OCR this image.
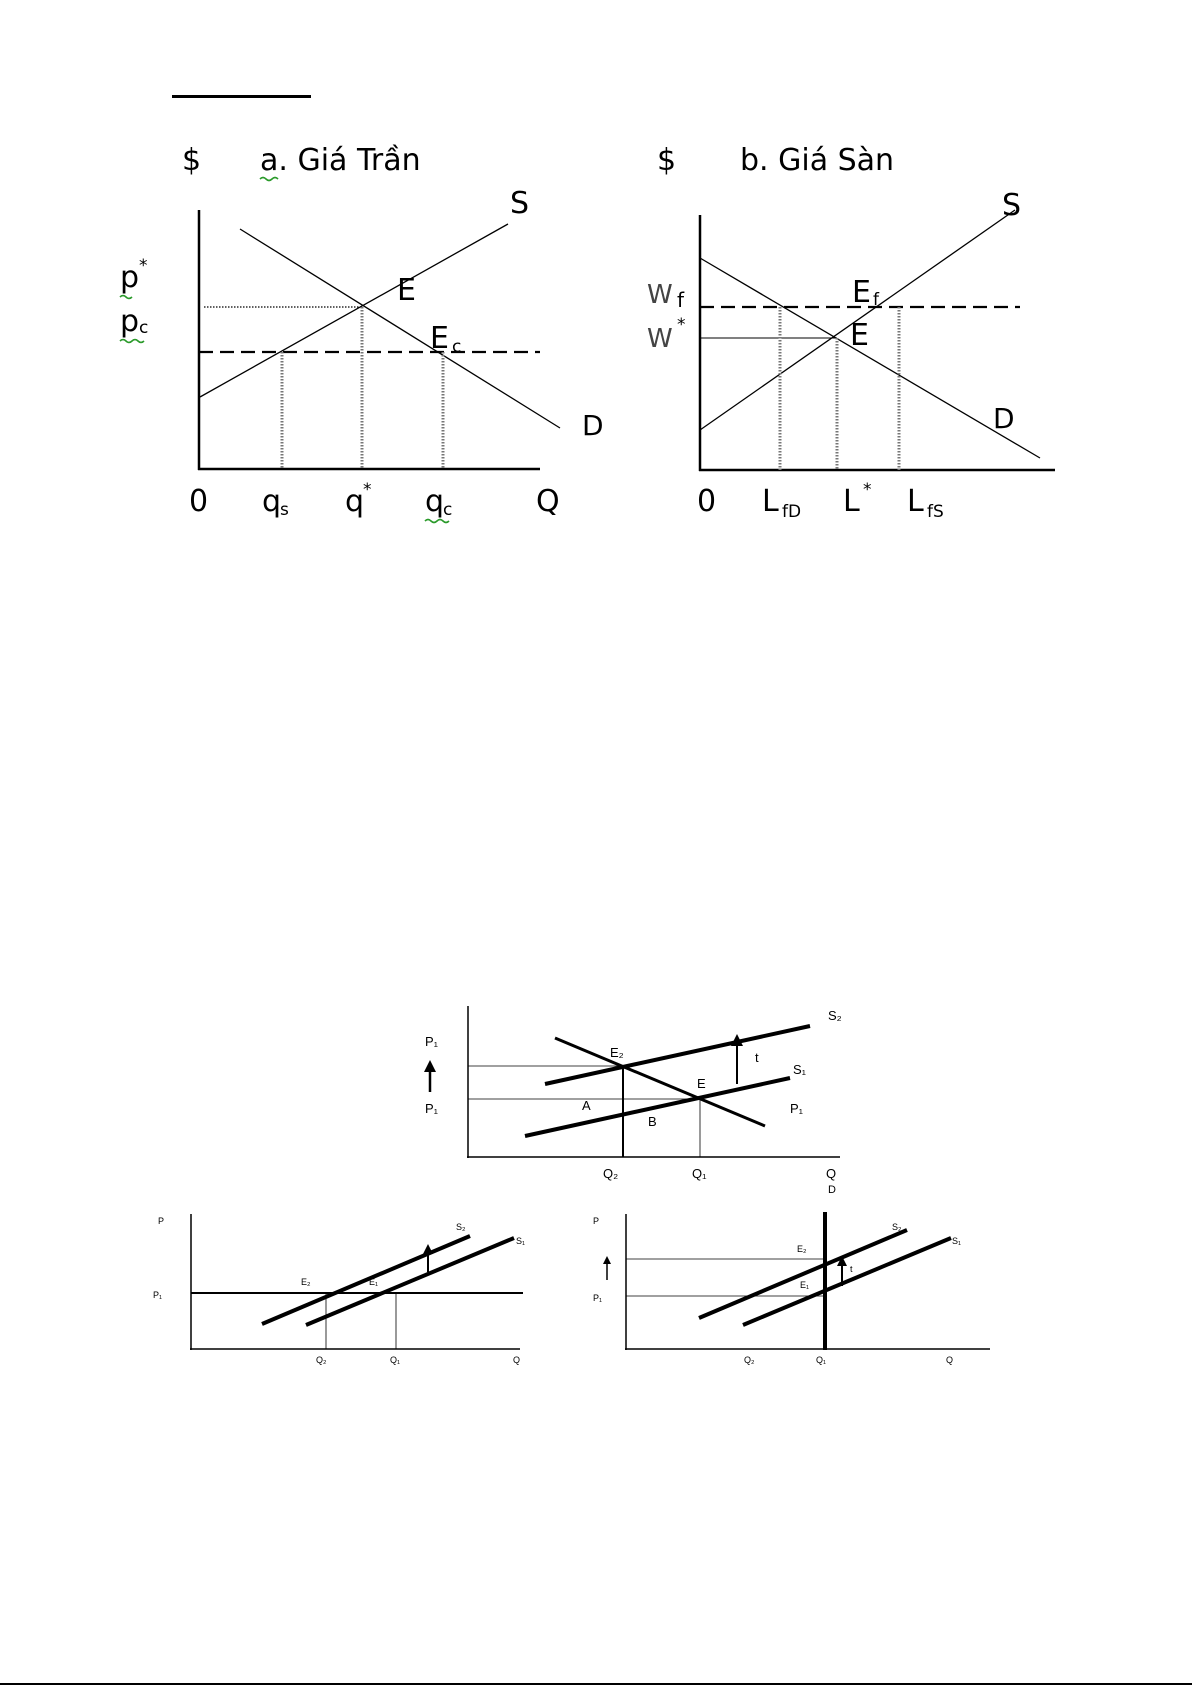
$ a. Giá Trần
S
D
E
E c
p *
p c
0 q
s q
* q
c	Q
$ b. Giá Sàn
S
D
E f
E
W f
W *
0 L fD L * L fS
P₁
P₁
S₂
S₁
E₂
E
t
A
B
P₁
Q₂	Q₁	Q
D
P
P₁
S₂
S₁
E₂	E₁
Q₂	Q₁	Q
P
P₁
S₂
S₁
E₂
E₁
t
Q₂	Q₁	Q
